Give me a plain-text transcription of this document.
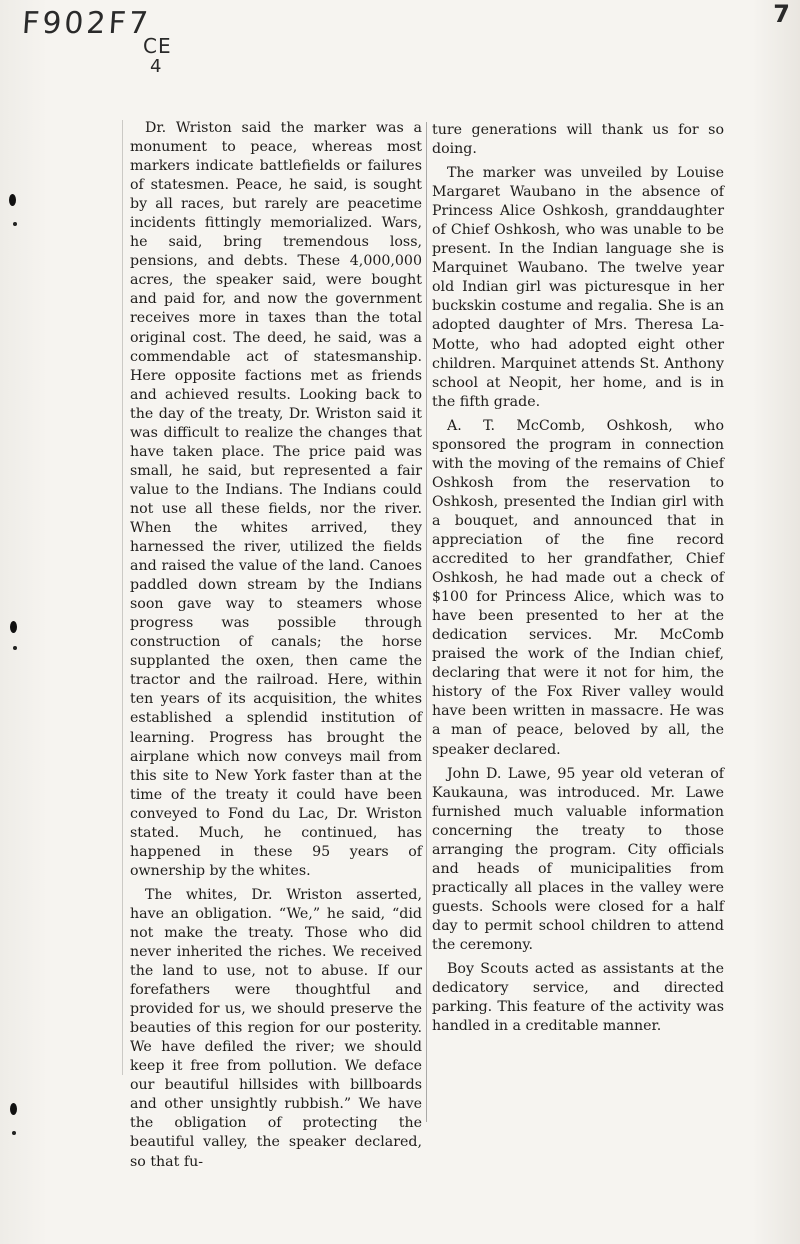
F902F7
CE
4
7

Dr. Wriston said the marker was a monument to peace, whereas most markers indicate battlefields or failures of statesmen. Peace, he said, is sought by all races, but rarely are peacetime incidents fittingly memorialized. Wars, he said, bring tremendous loss, pensions, and debts. These 4,000,000 acres, the speaker said, were bought and paid for, and now the government receives more in taxes than the total original cost. The deed, he said, was a commendable act of statesmanship. Here opposite factions met as friends and achieved results. Looking back to the day of the treaty, Dr. Wriston said it was difficult to realize the changes that have taken place. The price paid was small, he said, but represented a fair value to the Indians. The Indians could not use all these fields, nor the river. When the whites arrived, they harnessed the river, utilized the fields and raised the value of the land. Canoes paddled down stream by the Indians soon gave way to steamers whose progress was possible through construction of canals; the horse supplanted the oxen, then came the tractor and the railroad. Here, within ten years of its acquisition, the whites established a splendid institution of learning. Progress has brought the airplane which now conveys mail from this site to New York faster than at the time of the treaty it could have been conveyed to Fond du Lac, Dr. Wriston stated. Much, he continued, has happened in these 95 years of ownership by the whites.

The whites, Dr. Wriston asserted, have an obligation. “We,” he said, “did not make the treaty. Those who did never inherited the riches. We received the land to use, not to abuse. If our forefathers were thoughtful and provided for us, we should preserve the beauties of this region for our posterity. We have defiled the river; we should keep it free from pollution. We deface our beautiful hillsides with billboards and other unsightly rubbish.” We have the obligation of protecting the beautiful valley, the speaker declared, so that fu-

ture generations will thank us for so doing.

The marker was unveiled by Louise Margaret Waubano in the absence of Princess Alice Oshkosh, granddaughter of Chief Oshkosh, who was unable to be present. In the Indian language she is Marquinet Waubano. The twelve year old Indian girl was picturesque in her buckskin costume and regalia. She is an adopted daughter of Mrs. Theresa La-Motte, who had adopted eight other children. Marquinet attends St. Anthony school at Neopit, her home, and is in the fifth grade.

A. T. McComb, Oshkosh, who sponsored the program in connection with the moving of the remains of Chief Oshkosh from the reservation to Oshkosh, presented the Indian girl with a bouquet, and announced that in appreciation of the fine record accredited to her grandfather, Chief Oshkosh, he had made out a check of $100 for Princess Alice, which was to have been presented to her at the dedication services. Mr. McComb praised the work of the Indian chief, declaring that were it not for him, the history of the Fox River valley would have been written in massacre. He was a man of peace, beloved by all, the speaker declared.

John D. Lawe, 95 year old veteran of Kaukauna, was introduced. Mr. Lawe furnished much valuable information concerning the treaty to those arranging the program. City officials and heads of municipalities from practically all places in the valley were guests. Schools were closed for a half day to permit school children to attend the ceremony.

Boy Scouts acted as assistants at the dedicatory service, and directed parking. This feature of the activity was handled in a creditable manner.
